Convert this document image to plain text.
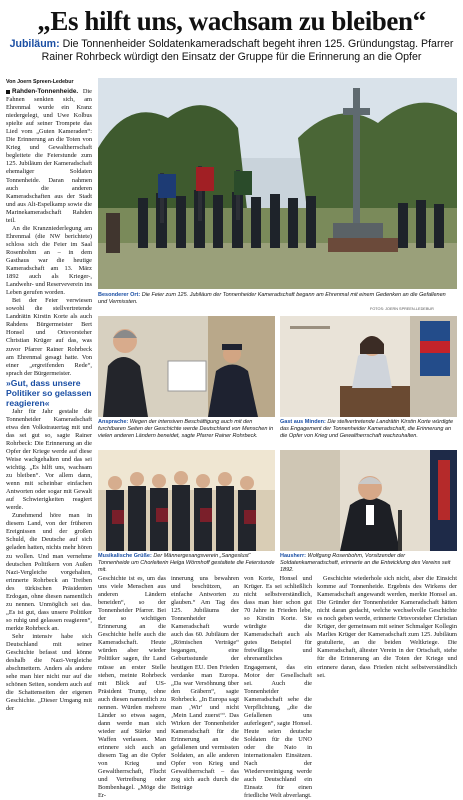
„Es hilft uns, wachsam zu bleiben“
Jubiläum: Die Tonnenheider Soldatenkameradschaft begeht ihren 125. Gründungstag. Pfarrer Rainer Rohrbeck würdigt den Einsatz der Gruppe für die Erinnerung an die Opfer
Von Joern Spreen-Ledebur

Rahden-Tonnenheide. Die Fahnen senkten sich, am Ehrenmal wurde ein Kranz niedergelegt, und Uwe Kolbus spielte auf seiner Trompete das Lied vom „Guten Kameraden“: Die Erinnerung an die Toten von Krieg und Gewaltherrschaft begleitete die Feierstunde zum 125. Jubiläum der Kameradschaft ehemaliger Soldaten Tonnenheide. Daran nahmen auch die anderen Kameradschaften aus der Stadt und aus Alt-Espelkamp sowie die Marinekameradschaft Rahden teil.

An die Kranzniederlegung am Ehrenmal (die NW berichtete) schloss sich die Feier im Saal Rosenbohm an – in dem Gasthaus war die heutige Kameradschaft am 13. März 1892 auch als Krieger-, Landwehr- und Reserveverein ins Leben gerufen worden.

Bei der Feier verwiesen sowohl die stellvertretende Landrätin Kirstin Korte als auch Rahdens Bürgermeister Bert Honsel und Ortsvorsteher Christian Krüger auf das, was zuvor Pfarrer Rainer Rohrbeck am Ehrenmal gesagt hatte. Von einer „ergreifenden Rede“, sprach der Bürgermeister.

»Gut, dass unsere Politiker so gelassen reagieren«

Jahr für Jahr gestalte die Tonnenheider Kameradschaft etwa den Volkstrauertag mit und das sei gut so, sagte Rainer Rohrbeck: Die Erinnerung an die Opfer der Kriege werde auf diese Weise wachgehalten und das sei wichtig. „Es hilft uns, wachsam zu bleiben“. Vor allem dann, wenn mit scheinbar einfachen Antworten oder sogar mit Gewalt auf Schwierigkeiten reagiert werde.

Zunehmend höre man in diesem Land, von der früheren Ereignissen und der großen Schuld, die Deutsche auf sich geladen hatten, nichts mehr hören zu wollen. Und man vernehme deutschen Politikern von Außen Nazi-Vergleiche vorgehalten, erinnerte Rohrbeck an Treiben des türkischen Präsidenten Erdogan, ohne diesen namentlich zu nennen. Unmöglich sei das. „Es ist gut, dass unsere Politiker so ruhig und gelassen reagieren“, merkte Rohrbeck an.

Sehr intensiv habe sich Deutschland mit seiner Geschichte befasst und könne deshalb die Nazi-Vergleiche abschmettern. Anders als andere sehe man hier nicht nur auf die schönen Seiten, sondern auch auf die Schattenseiten der eigenen Geschichte. „Dieser Umgang mit der

Besonderer Ort: Die Feier zum 125. Jubiläum der Tonnenheider Kameradschaft begann am Ehrenmal mit einem Gedenken an die Gefallenen und Vermissten.
FOTOS: JOERN SPREEN-LEDEBUR
Ansprache: Wegen der intensiven Beschäftigung auch mit den furchtbaren Seiten der Geschichte werde Deutschland von Menschen in vielen anderen Ländern beneidet, sagte Pfarrer Rainer Rohrbeck.
Gast aus Minden: Die stellvertretende Landrätin Kirstin Korte würdigte das Engagement der Tonnenheider Kameradschaft, die Erinnerung an die Opfer von Krieg und Gewaltherrschaft wachzuhalten.
Musikalische Grüße: Der Männergesangsverein „Sangeslust“ Tonnenheide um Chorleiterin Helga Wörmhoff gestaltete die Feierstunde mit.
Hausherr: Wolfgang Rosenbohm, Vorsitzender der Soldatenkameradschaft, erinnerte an die Entwicklung des Vereins seit 1892.

Geschichte ist es, um das uns viele Menschen aus anderen Ländern beneiden“, so der Tonnenheider Pfarrer. Bei der so wichtigen Erinnerung an die Geschichte helfe auch die Kameradschaft. Heute würden aber wieder Politiker sagen, ihr Land müsse an erster Stelle stehen, meinte Rohrbeck mit Blick auf US-Präsident Trump, ohne auch diesen namentlich zu nennen. Würden mehrere Länder so etwas sagen, dann werde man sich wieder auf Stärke und Waffen verlassen. Man erinnere sich auch an diesem Tag an die Opfer von Krieg und Gewaltherrschaft, Flucht und Vertreibung oder Bombenhagel. „Möge die Er-

innerung uns bewahren und beschützen, an einfache Antworten zu glauben.“ Am Tag des 125. Jubiläums der Tonnenheider Kameradschaft wurde auch das 60. Jubiläum der „Römischen Verträge“ begangen, eine Geburtsstunde der heutigen EU. Den Frieden verdanke man Europa. „Da war Versöhnung über den Gräbern“, sagte Rohrbeck. „In Europa sagt man ‚Wir‘ und nicht ‚Mein Land zuerst‘“. Das Wirken der Tonnenheider Kameradschaft für die Erinnerung an die gefallenen und vermissten Soldaten, an alle anderen Opfer von Krieg und Gewaltherrschaft – das zog sich auch durch die Beiträge

von Korte, Honsel und Krüger. Es sei schließlich nicht selbstverständlich, dass man hier schon gut 70 Jahre in Frieden lebe, so Kirstin Korte. Sie würdigte die Kameradschaft auch als gutes Beispiel für freiwilliges und ehrenamtliches Engagement, das ein Motor der Gesellschaft sei. Auch die Tonnenheider Kameradschaft sehe die Verpflichtung, „die die Gefallenen uns auferlegen“, sagte Honsel. Heute seien deutsche Soldaten für die UNO oder die Nato in internationalen Einsätzen. Nach der Wiedervereinigung werde auch Deutschland ein Einsatz für einen friedliche Welt abverlangt.

Geschichte wiederhole sich nicht, aber die Einsicht komme auf Tonnenheide. Ergebnis des Wirkens der Kameradschaft angewandt werden, merkte Honsel an. Die Gründer der Tonnenheider Kameradschaft hätten nicht daran gedacht, welche wechselvolle Geschichte es noch geben werde, erinnerte Ortsvorsteher Christian Krüger, der gemeinsam mit seiner Schmalger Kollegin Marlies Krüger der Kameradschaft zum 125. Jubiläum gratulierte, an die beiden Weltkriege. Die Kameradschaft, ältester Verein in der Ortschaft, stehe für die Erinnerung an die Toten der Kriege und erinnere daran, dass Frieden nicht selbstverständlich sei.
